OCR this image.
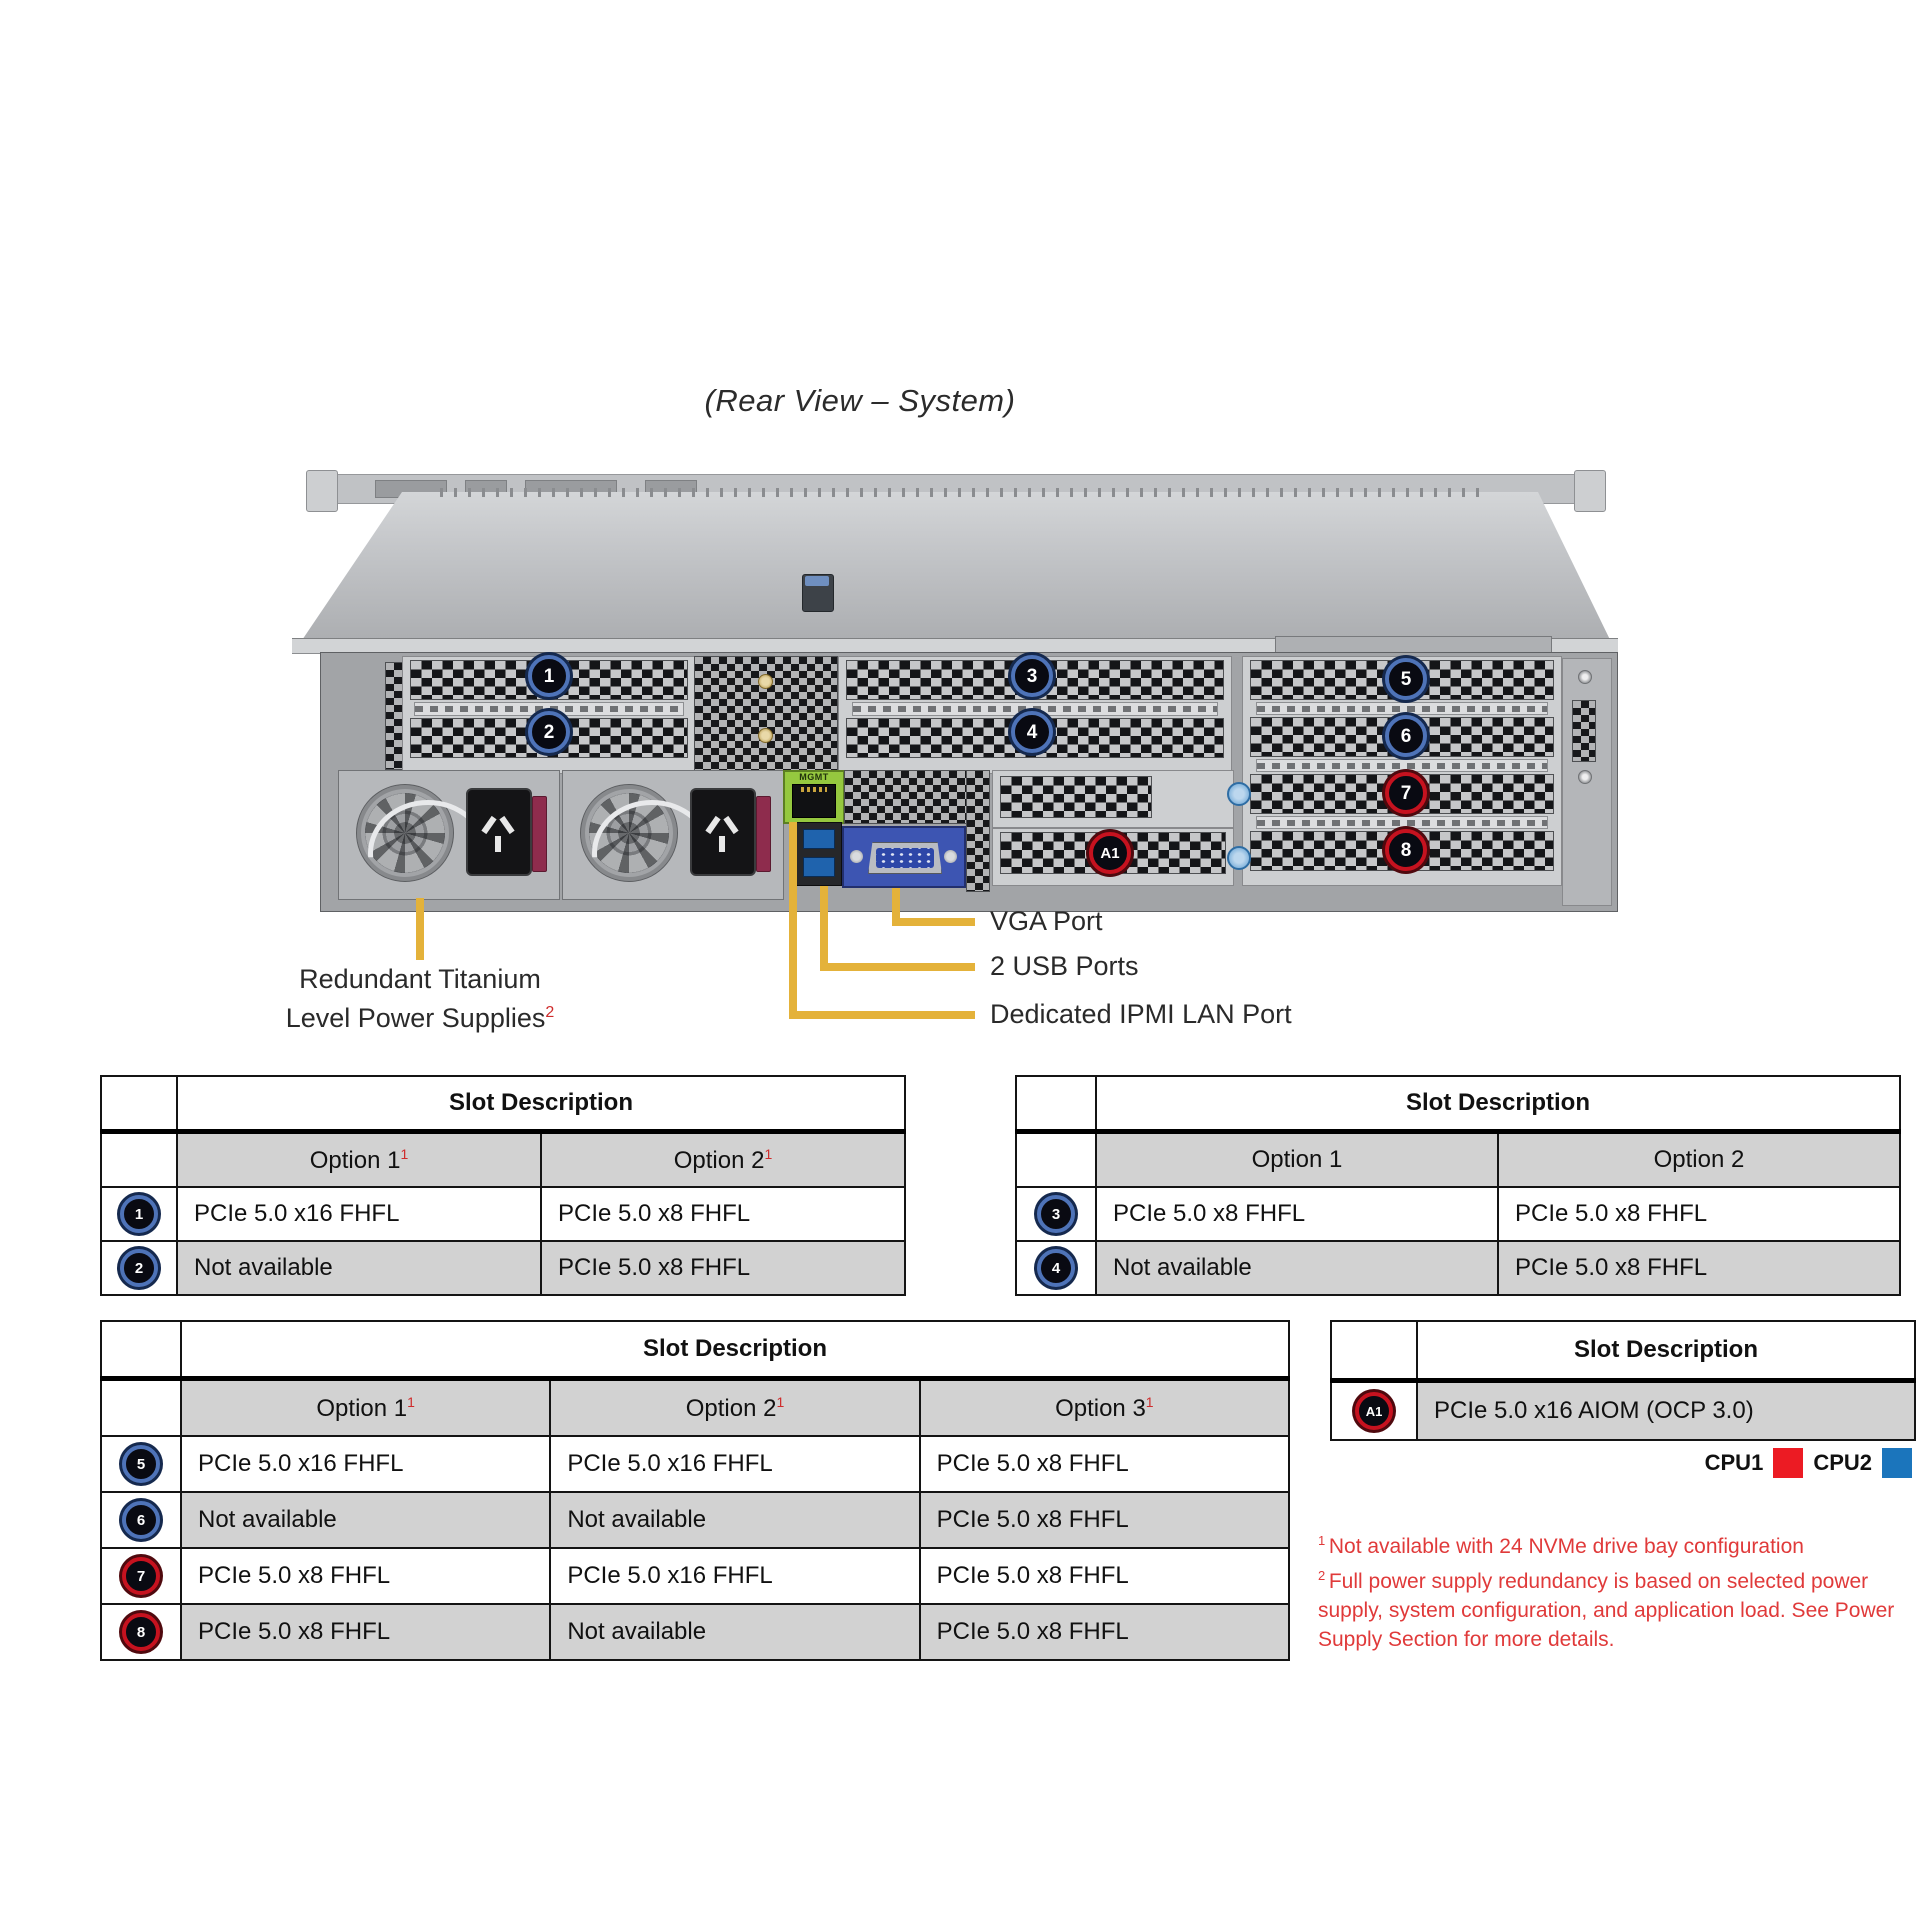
(Rear View – System)
MGMT
1
2
3
4
5
6
7
8
A1
VGA Port
2 USB Ports
Dedicated IPMI LAN Port
Redundant Titanium
Level Power Supplies$^2$
	Slot Description	
	Option $1^1$	Option $2^1$

1	PCIe 5.0 x16 FHFL	PCIe 5.0 x8 FHFL

2	Not available	PCIe 5.0 x8 FHFL
	Slot Description	
	Option 1	Option 2

3	PCIe 5.0 x8 FHFL	PCIe 5.0 x8 FHFL

4	Not available	PCIe 5.0 x8 FHFL
	Slot Description		
	Option $1^1$	Option $2^1$	Option $3^1$

5	PCIe 5.0 x16 FHFL	PCIe 5.0 x16 FHFL	PCIe 5.0 x8 FHFL

6	Not available	Not available	PCIe 5.0 x8 FHFL

7	PCIe 5.0 x8 FHFL	PCIe 5.0 x16 FHFL	PCIe 5.0 x8 FHFL

8	PCIe 5.0 x8 FHFL	Not available	PCIe 5.0 x8 FHFL
	Slot Description

A1	PCIe 5.0 x16 AIOM (OCP 3.0)
CPU1 CPU2

$^1$ Not available with 24 NVMe drive bay configuration

$^2$ Full power supply redundancy is based on selected power supply, system configuration, and application load. See Power Supply Section for more details.
